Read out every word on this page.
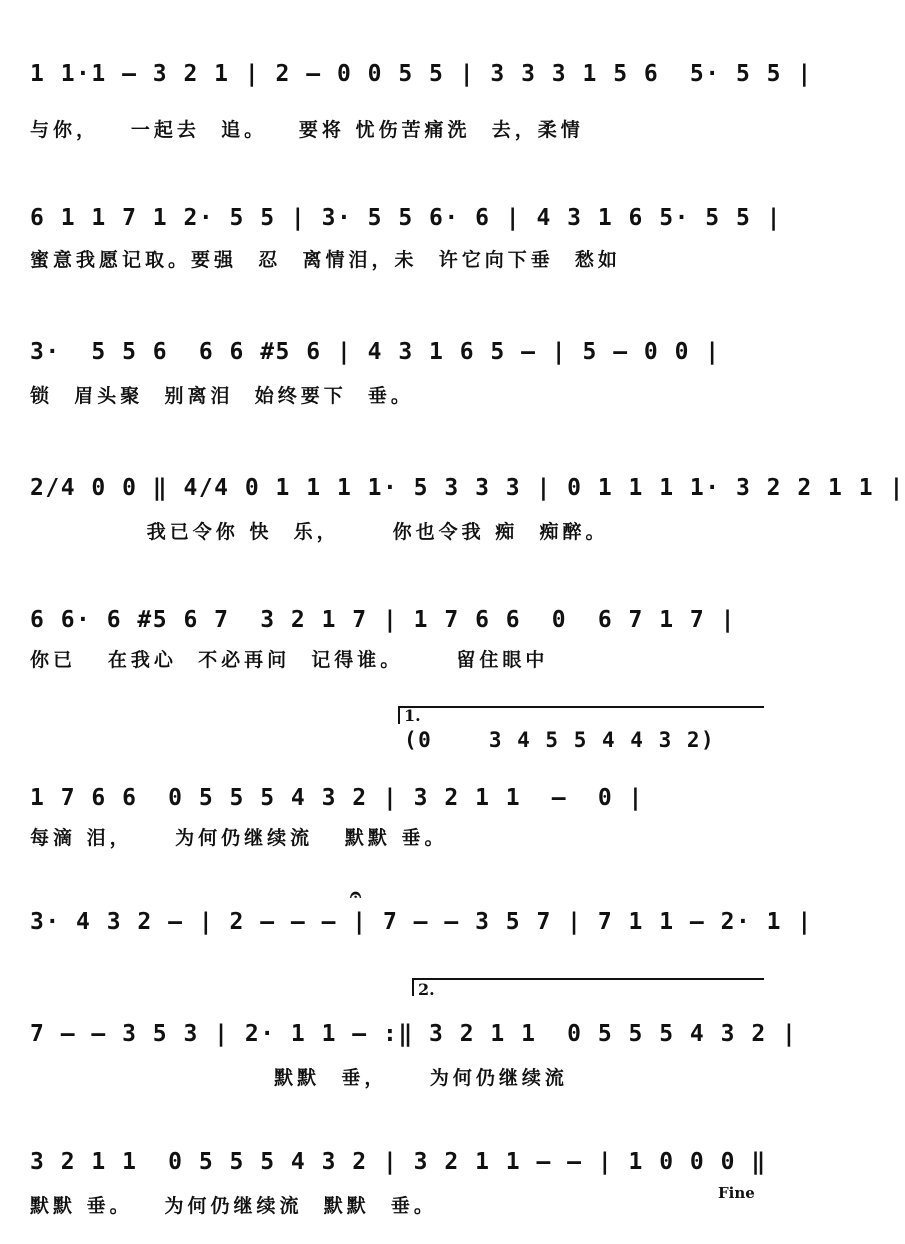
1 1·1 — 3 2 1 | 2 — 0 0 5 5 | 3 3 3 1 5 6  5· 5 5 |
与你，   一起去  追。   要将 忧伤苦痛洗  去，柔情
6 1 1 7 1 2· 5 5 | 3· 5 5 6· 6 | 4 3 1 6 5· 5 5 |
蜜意我愿记取。要强  忍  离情泪，未  许它向下垂  愁如
3·  5 5 6  6 6 #5 6 | 4 3 1 6 5 — | 5 — 0 0 |
锁  眉头聚  别离泪  始终要下  垂。
2/4 0 0 ‖ 4/4 0 1 1 1 1· 5 3 3 3 | 0 1 1 1 1· 3 2 2 1 1 |
我已令你 快  乐，     你也令我 痴  痴醉。
6 6· 6 #5 6 7  3 2 1 7 | 1 7 6 6  0  6 7 1 7 |
你已   在我心  不必再问  记得谁。     留住眼中
1.
(0    3 4 5 5 4 4 3 2)
1 7 6 6  0 5 5 5 4 3 2 | 3 2 1 1  —  0 |
每滴 泪，    为何仍继续流   默默 垂。
𝄐
3· 4 3 2 — | 2 — — — | 7 — — 3 5 7 | 7 1 1 — 2· 1 |
2.
7 — — 3 5 3 | 2· 1 1 — :‖ 3 2 1 1  0 5 5 5 4 3 2 |
默默  垂，    为何仍继续流
3 2 1 1  0 5 5 5 4 3 2 | 3 2 1 1 — — | 1 0 0 0 ‖
Fine
默默 垂。   为何仍继续流  默默  垂。
